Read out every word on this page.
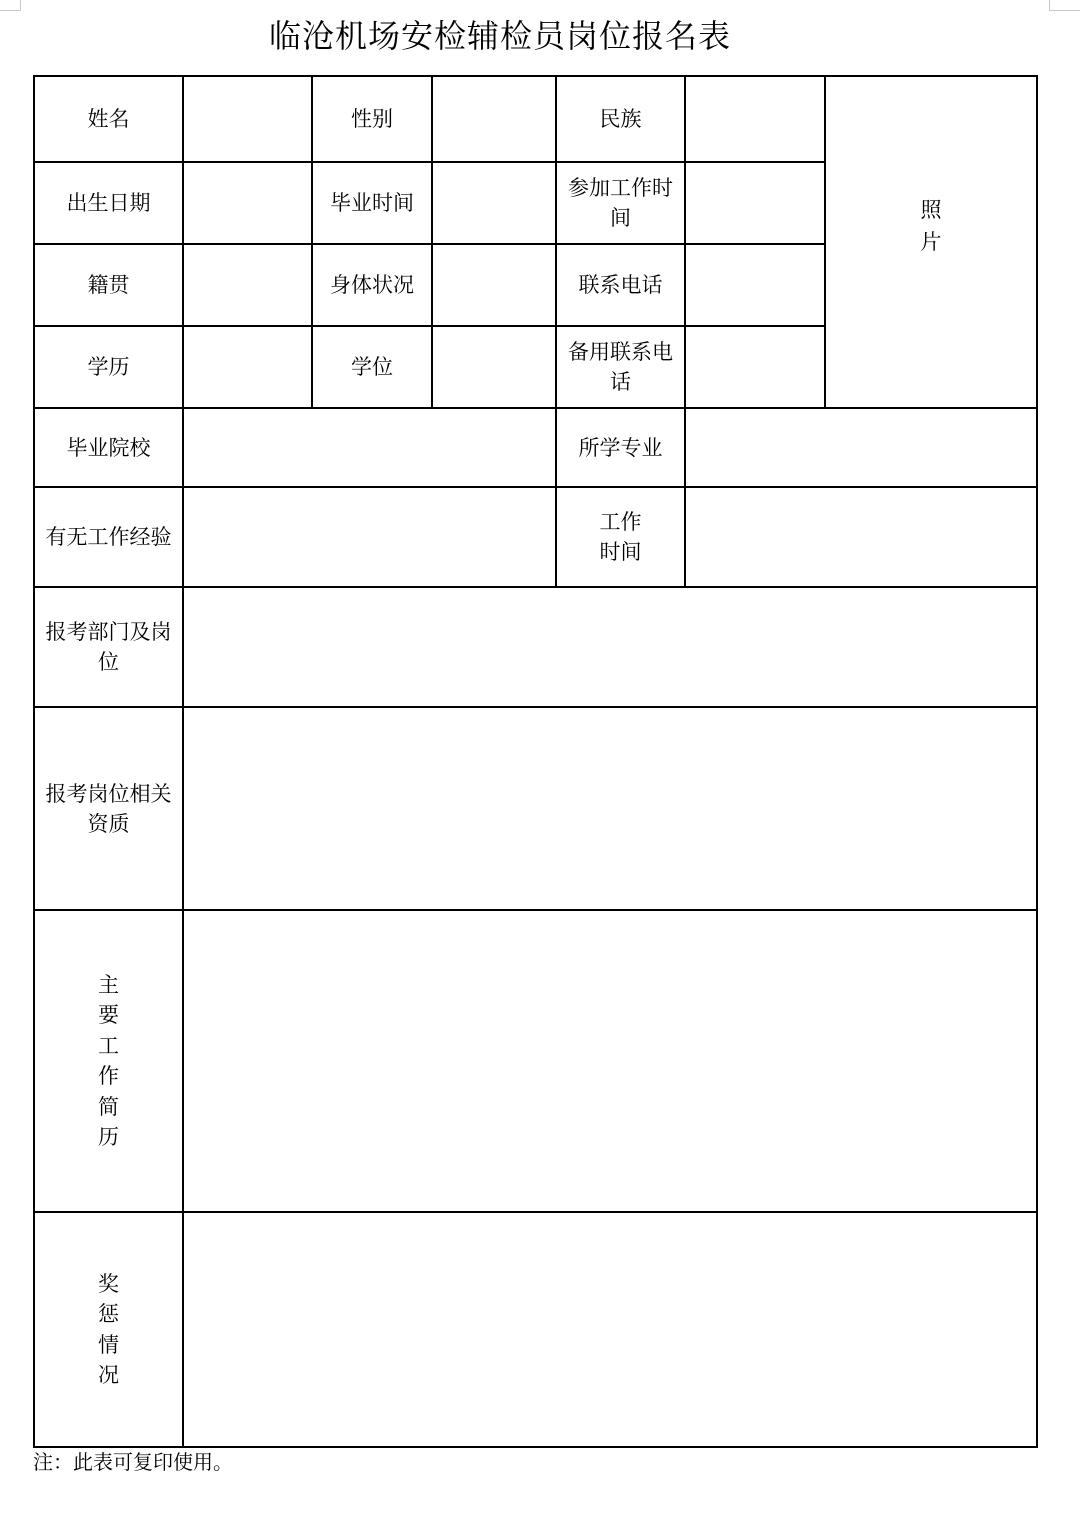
临沧机场安检辅检员岗位报名表
姓名		性别		民族		照片
出生日期		毕业时间		参加工作时间		
籍贯		身体状况		联系电话		
学历		学位		备用联系电话		
毕业院校				所学专业		
有无工作经验				工作时间		
报考部门及岗位						
报考岗位相关资质						
主要工作简历						
奖惩情况						
注：此表可复印使用。
